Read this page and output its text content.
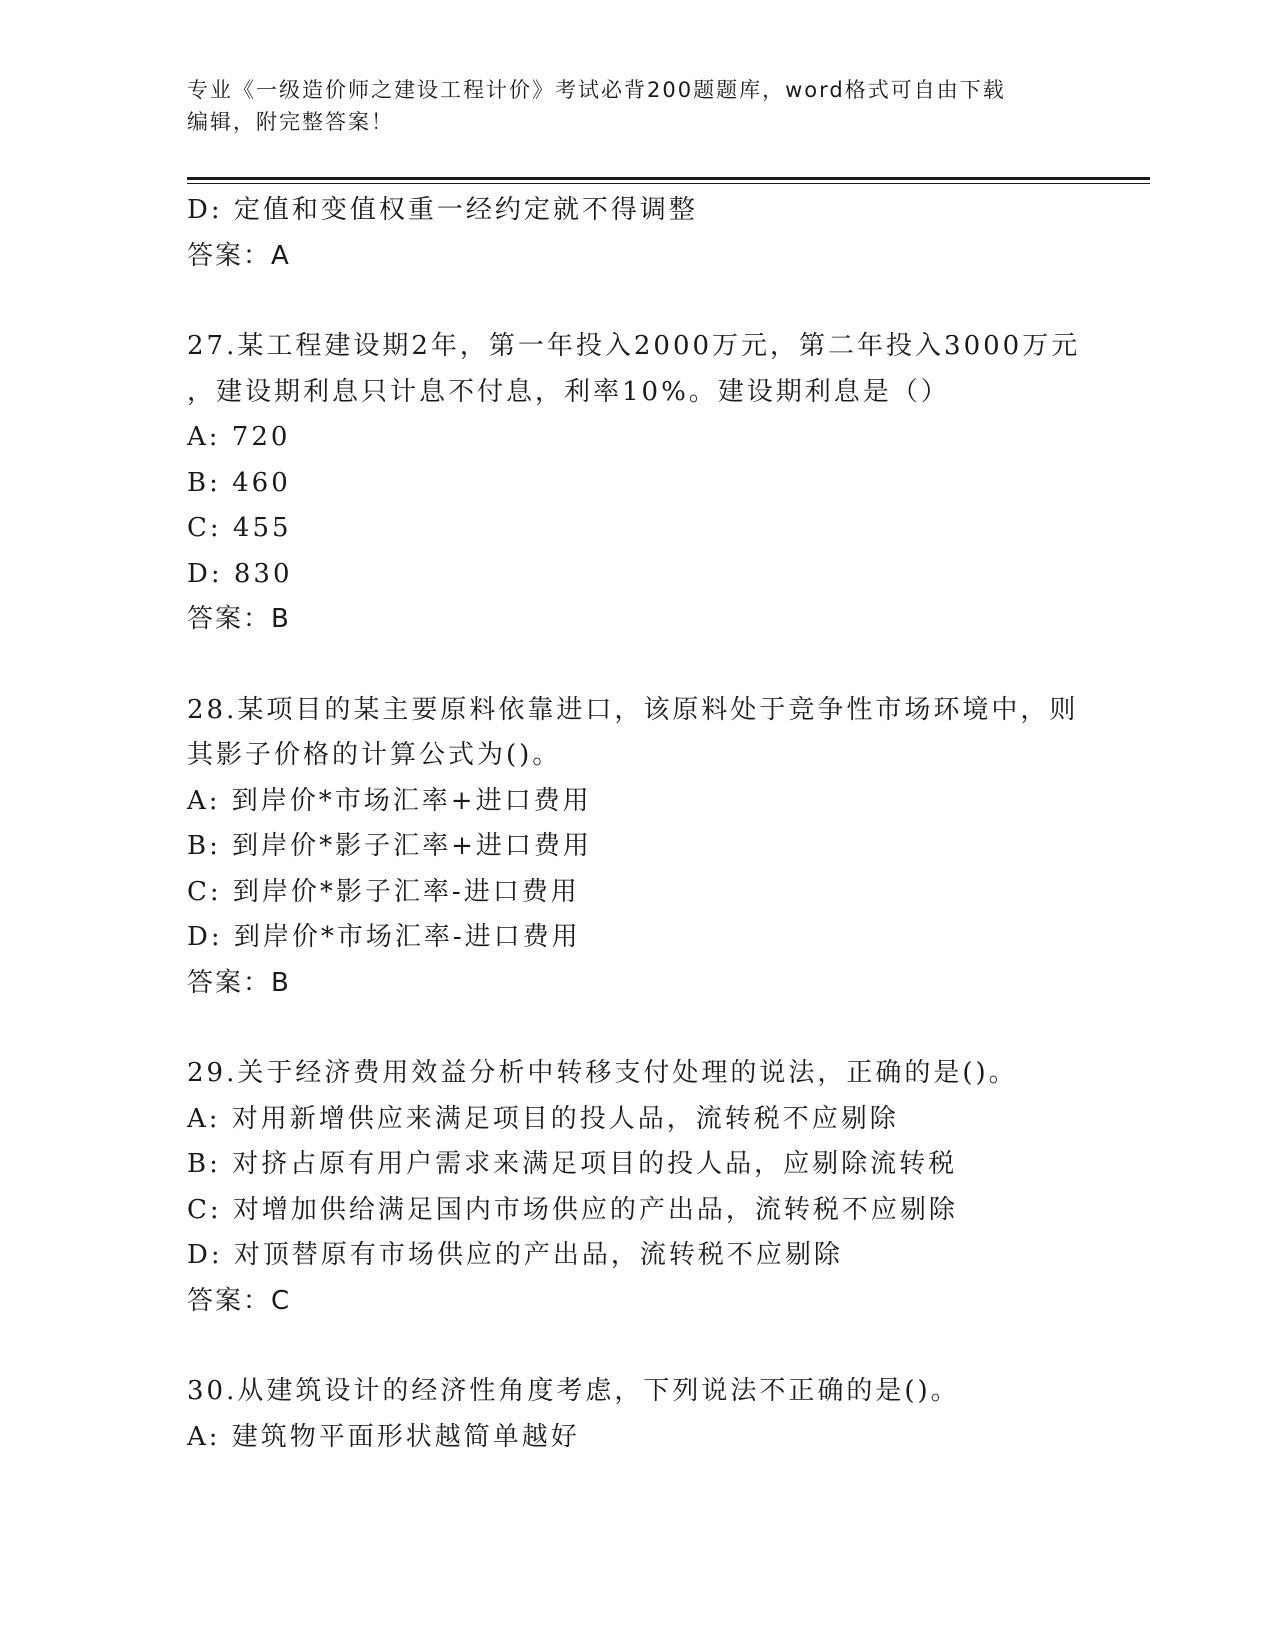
专业《一级造价师之建设工程计价》考试必背200题题库，word格式可自由下载
编辑，附完整答案！
D: 定值和变值权重一经约定就不得调整
答案：A
27.某工程建设期2年，第一年投入2000万元，第二年投入3000万元
，建设期利息只计息不付息，利率10%。建设期利息是（）
A: 720
B: 460
C: 455
D: 830
答案：B
28.某项目的某主要原料依靠进口，该原料处于竞争性市场环境中，则
其影子价格的计算公式为()。
A: 到岸价*市场汇率+进口费用
B: 到岸价*影子汇率+进口费用
C: 到岸价*影子汇率-进口费用
D: 到岸价*市场汇率-进口费用
答案：B
29.关于经济费用效益分析中转移支付处理的说法，正确的是()。
A: 对用新增供应来满足项目的投人品，流转税不应剔除
B: 对挤占原有用户需求来满足项目的投人品，应剔除流转税
C: 对增加供给满足国内市场供应的产出品，流转税不应剔除
D: 对顶替原有市场供应的产出品，流转税不应剔除
答案：C
30.从建筑设计的经济性角度考虑，下列说法不正确的是()。
A: 建筑物平面形状越简单越好
